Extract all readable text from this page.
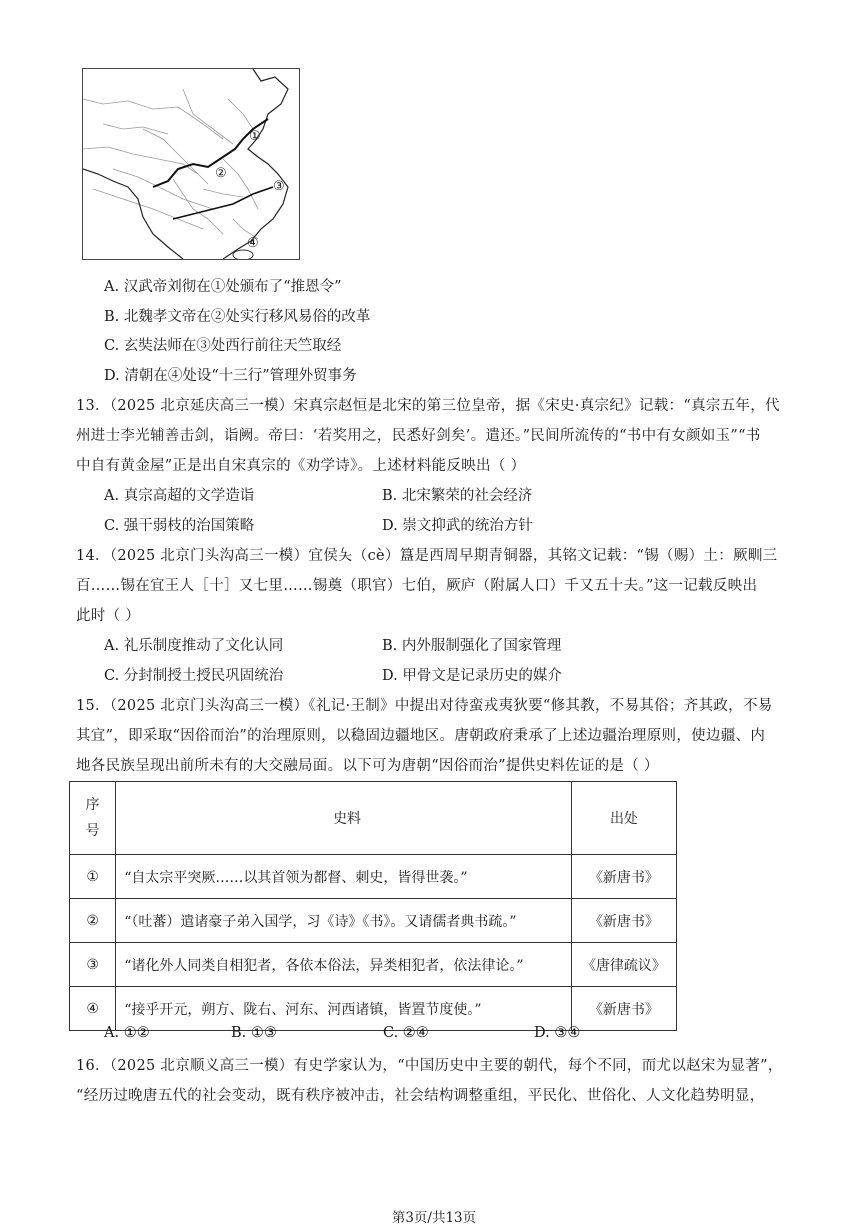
①
②
③
④
A. 汉武帝刘彻在①处颁布了“推恩令”
B. 北魏孝文帝在②处实行移风易俗的改革
C. 玄奘法师在③处西行前往天竺取经
D. 清朝在④处设“十三行”管理外贸事务
13．（2025 北京延庆高三一模）宋真宗赵恒是北宋的第三位皇帝，据《宋史·真宗纪》记载：“真宗五年，代
州进士李光辅善击剑，诣阙。帝曰：‘若奖用之，民悉好剑矣’。遣还。”民间所流传的“书中有女颜如玉”“书
中自有黄金屋”正是出自宋真宗的《劝学诗》。上述材料能反映出（ ）
A. 真宗高超的文学造诣	B. 北宋繁荣的社会经济
C. 强干弱枝的治国策略	D. 崇文抑武的统治方针
14．（2025 北京门头沟高三一模）宜侯夨（cè）簋是西周早期青铜器，其铭文记载：“锡（赐）土：厥甽三
百……锡在宜王人［十］又七里……锡奠（职官）七伯，厥庐（附属人口）千又五十夫。”这一记载反映出
此时（ ）
A. 礼乐制度推动了文化认同	B. 内外服制强化了国家管理
C. 分封制授土授民巩固统治	D. 甲骨文是记录历史的媒介
15．（2025 北京门头沟高三一模）《礼记·王制》中提出对待蛮戎夷狄要“修其教，不易其俗；齐其政，不易
其宜”，即采取“因俗而治”的治理原则，以稳固边疆地区。唐朝政府秉承了上述边疆治理原则，使边疆、内
地各民族呈现出前所未有的大交融局面。以下可为唐朝“因俗而治”提供史料佐证的是（ ）
序号	史料	出处
①	“自太宗平突厥……以其首领为都督、刺史，皆得世袭。”	《新唐书》
②	“（吐蕃）遣诸豪子弟入国学，习《诗》《书》。又请儒者典书疏。”	《新唐书》
③	“诸化外人同类自相犯者，各依本俗法，异类相犯者，依法律论。”	《唐律疏议》
④	“接乎开元，朔方、陇右、河东、河西诸镇，皆置节度使。”	《新唐书》
A. ①②	B. ①③	C. ②④	D. ③④
16．（2025 北京顺义高三一模）有史学家认为，“中国历史中主要的朝代，每个不同，而尤以赵宋为显著”，
“经历过晚唐五代的社会变动，既有秩序被冲击，社会结构调整重组，平民化、世俗化、人文化趋势明显，
第3页/共13页
